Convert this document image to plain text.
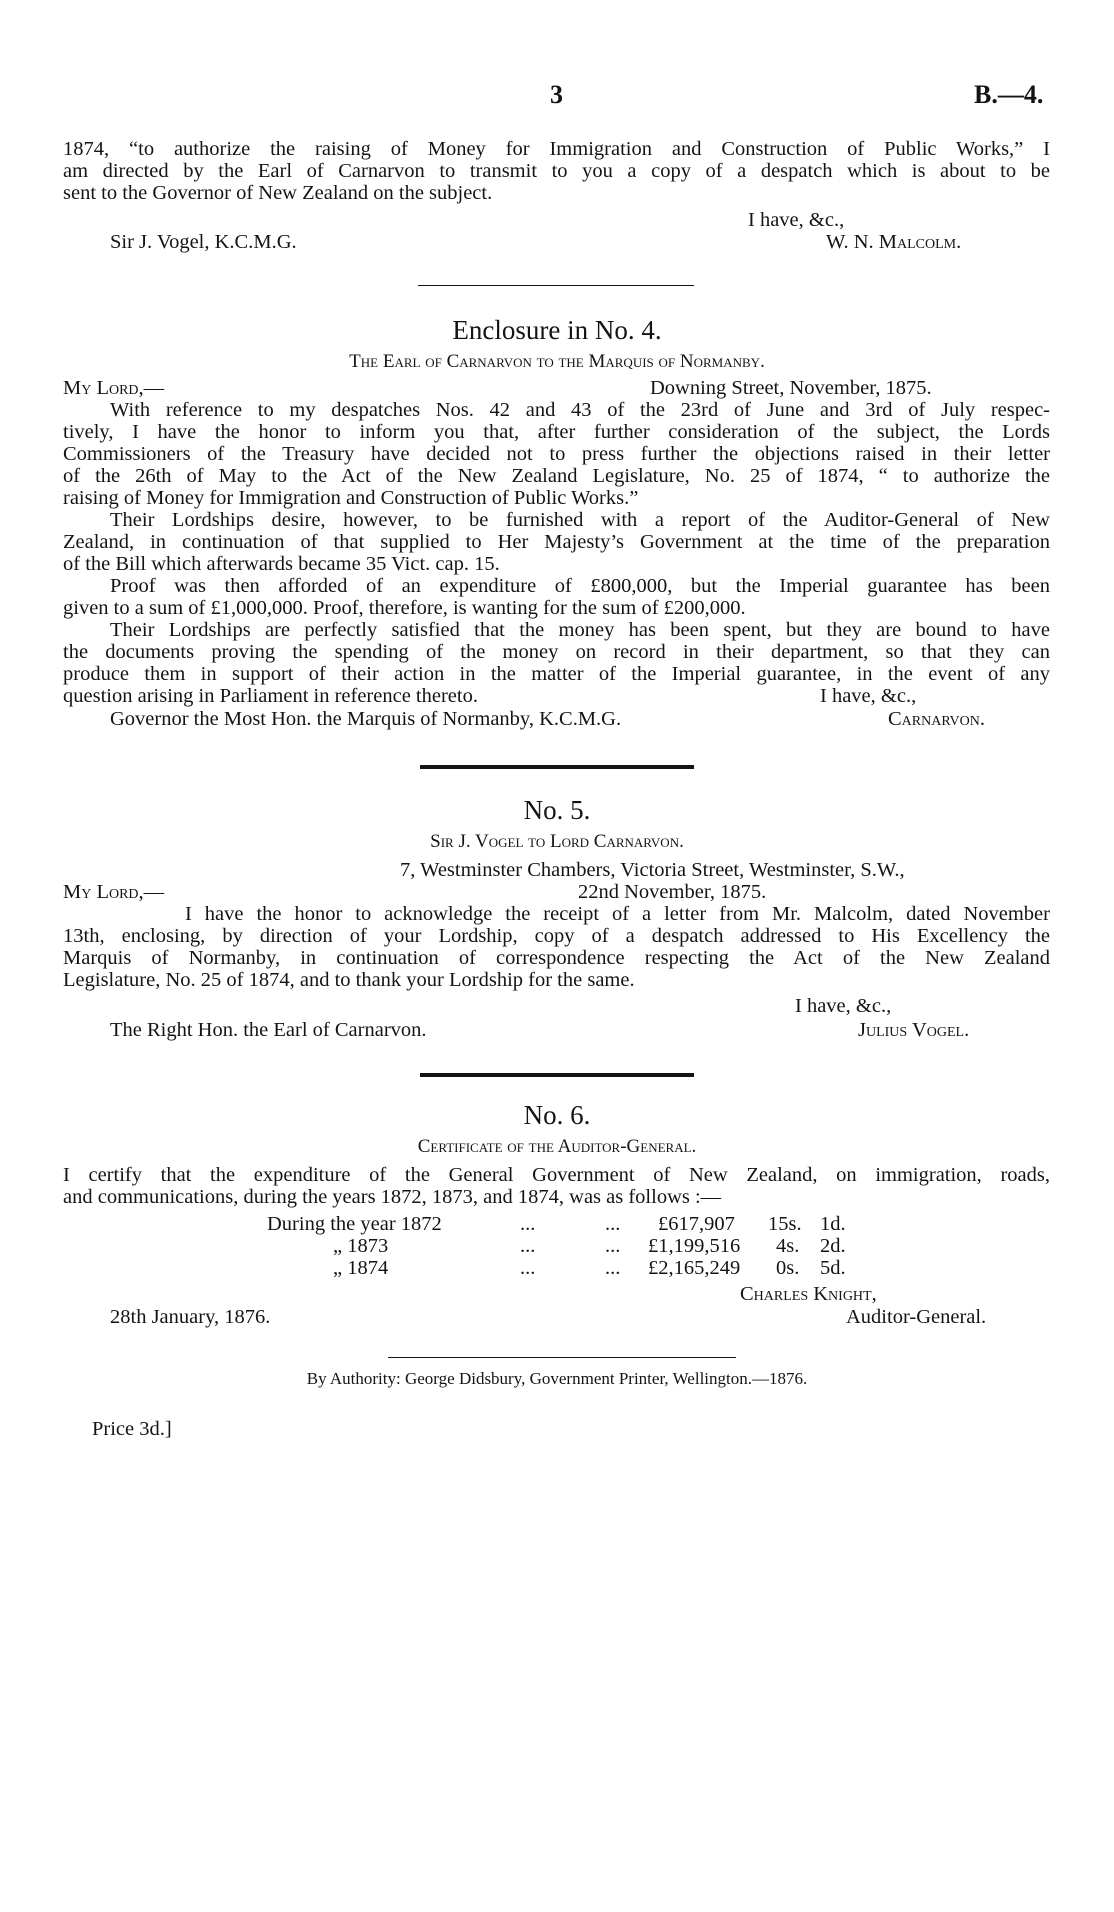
3	B.—4.
1874, “to authorize the raising of Money for Immigration and Construction of Public Works,” I
am directed by the Earl of Carnarvon to transmit to you a copy of a despatch which is about to be
sent to the Governor of New Zealand on the subject.
I have, &c.,
Sir J. Vogel, K.C.M.G.	W. N. Malcolm.
Enclosure in No. 4.
The Earl of Carnarvon to the Marquis of Normanby.
My Lord,—	Downing Street, November, 1875.
With reference to my despatches Nos. 42 and 43 of the 23rd of June and 3rd of July respec-
tively, I have the honor to inform you that, after further consideration of the subject, the Lords
Commissioners of the Treasury have decided not to press further the objections raised in their letter
of the 26th of May to the Act of the New Zealand Legislature, No. 25 of 1874, “ to authorize the
raising of Money for Immigration and Construction of Public Works.”
Their Lordships desire, however, to be furnished with a report of the Auditor-General of New
Zealand, in continuation of that supplied to Her Majesty’s Government at the time of the preparation
of the Bill which afterwards became 35 Vict. cap. 15.
Proof was then afforded of an expenditure of £800,000, but the Imperial guarantee has been
given to a sum of £1,000,000. Proof, therefore, is wanting for the sum of £200,000.
Their Lordships are perfectly satisfied that the money has been spent, but they are bound to have
the documents proving the spending of the money on record in their department, so that they can
produce them in support of their action in the matter of the Imperial guarantee, in the event of any
question arising in Parliament in reference thereto.	I have, &c.,
Governor the Most Hon. the Marquis of Normanby, K.C.M.G.	Carnarvon.
No. 5.
Sir J. Vogel to Lord Carnarvon.
7, Westminster Chambers, Victoria Street, Westminster, S.W.,
My Lord,—	22nd November, 1875.
I have the honor to acknowledge the receipt of a letter from Mr. Malcolm, dated November
13th, enclosing, by direction of your Lordship, copy of a despatch addressed to His Excellency the
Marquis of Normanby, in continuation of correspondence respecting the Act of the New Zealand
Legislature, No. 25 of 1874, and to thank your Lordship for the same.
I have, &c.,
The Right Hon. the Earl of Carnarvon.	Julius Vogel.
No. 6.
Certificate of the Auditor-General.
I certify that the expenditure of the General Government of New Zealand, on immigration, roads,
and communications, during the years 1872, 1873, and 1874, was as follows :—
During the year 1872	...	... £617,907 15s. 1d.
„ 1873	...	... £1,199,516 4s. 2d.
„ 1874	...	... £2,165,249 0s. 5d.
Charles Knight,
28th January, 1876.	Auditor-General.
By Authority: George Didsbury, Government Printer, Wellington.—1876.
Price 3d.]
